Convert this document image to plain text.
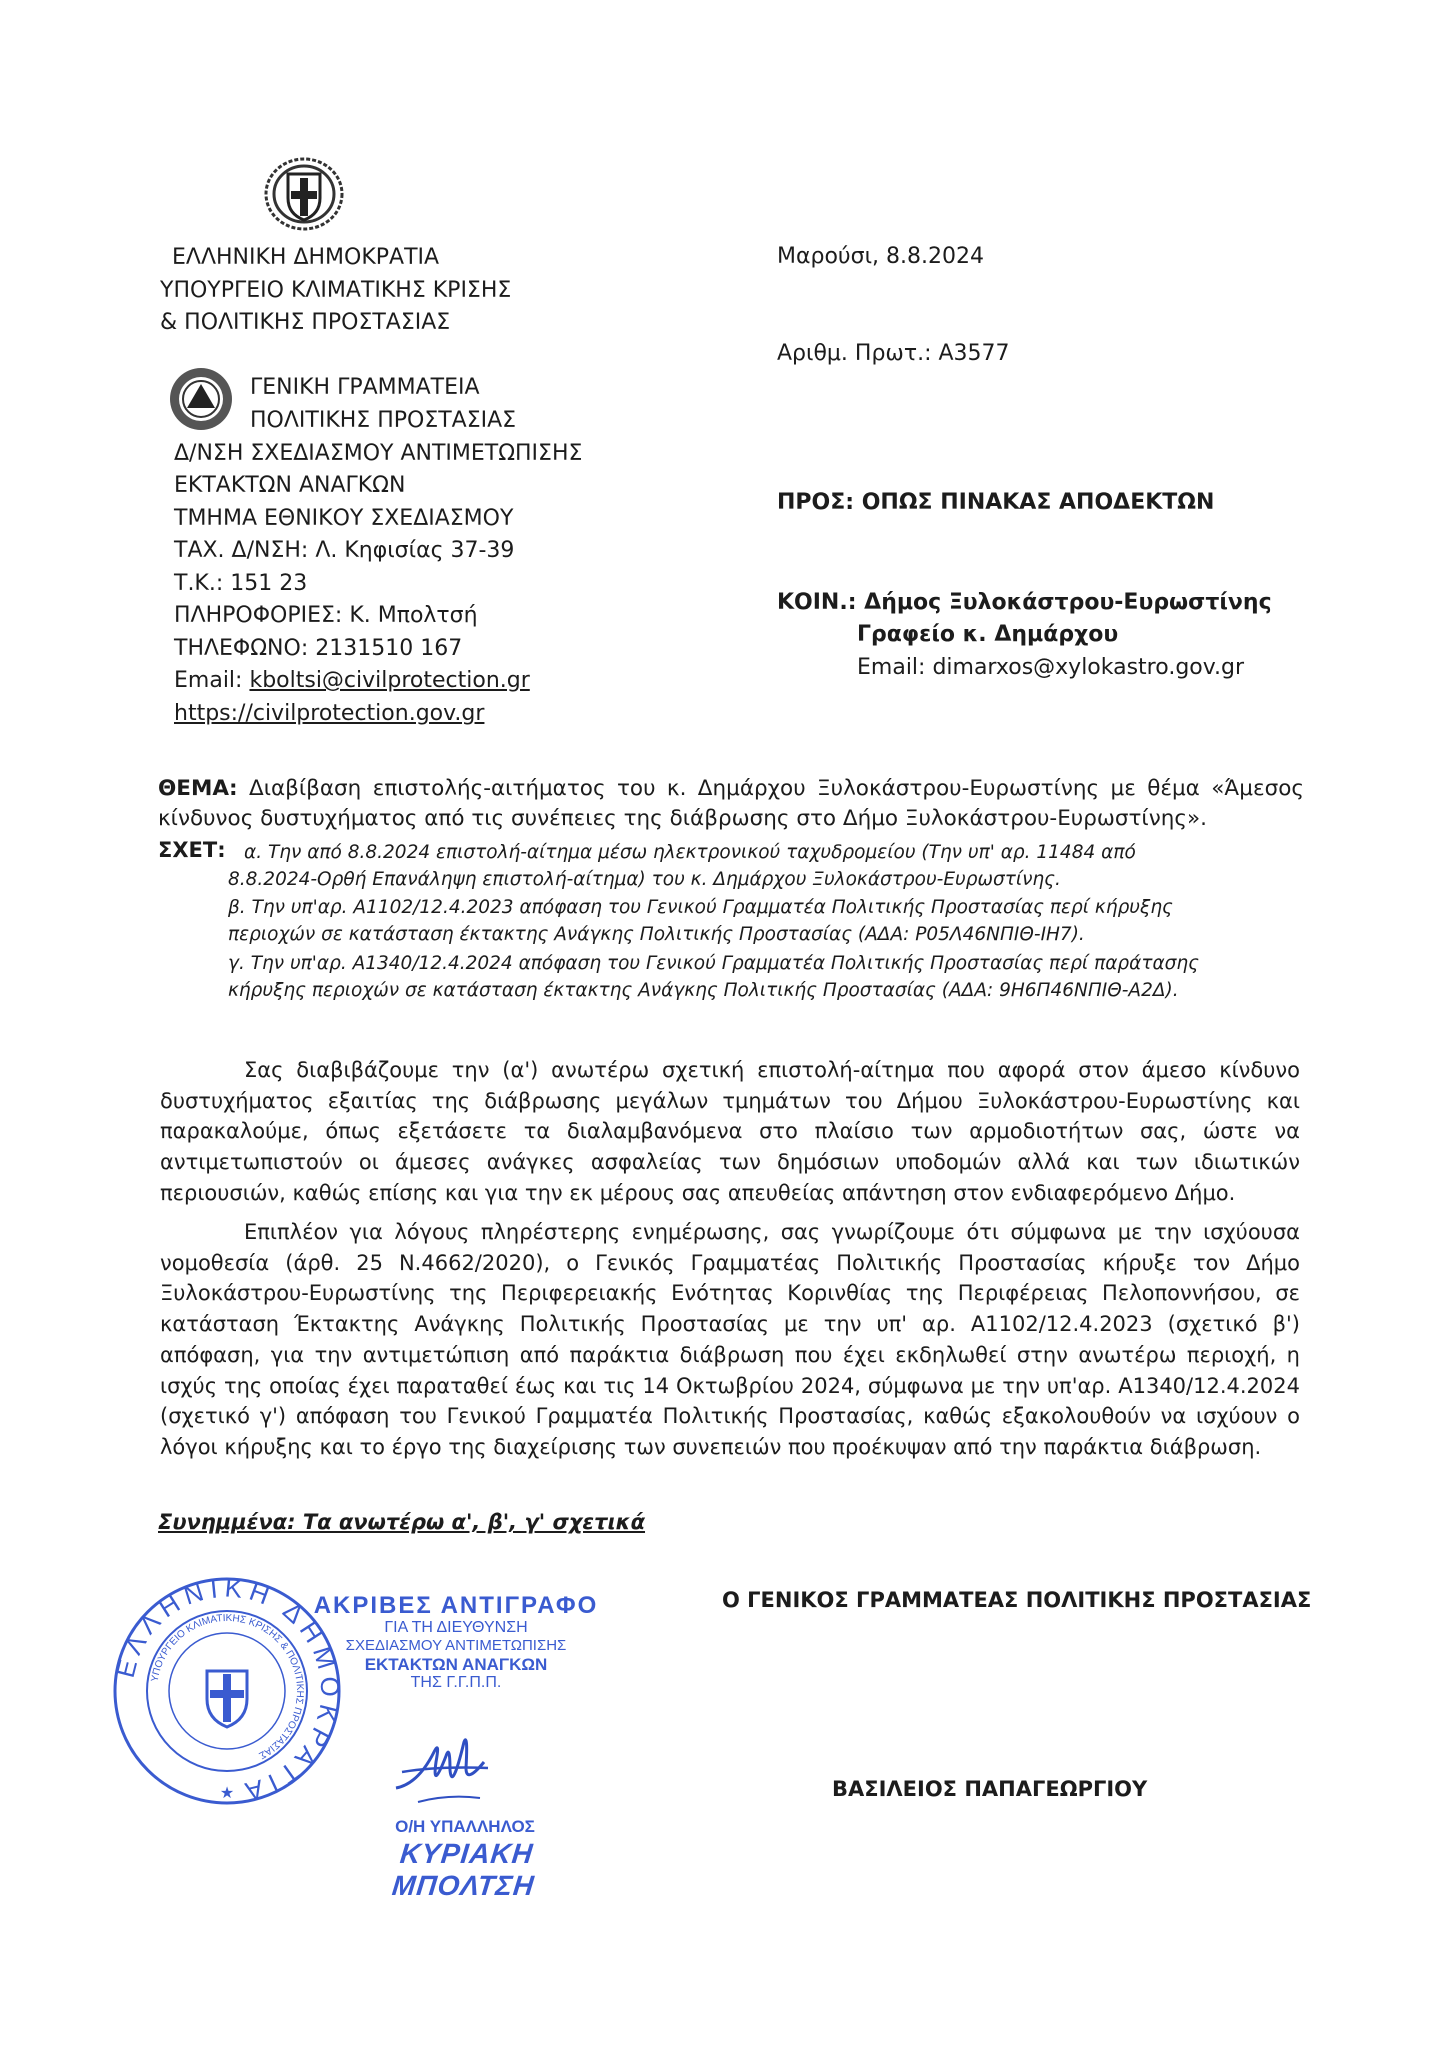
ΕΛΛΗΝΙΚΗ ΔΗΜΟΚΡΑΤΙΑ
ΥΠΟΥΡΓΕΙΟ ΚΛΙΜΑΤΙΚΗΣ ΚΡΙΣΗΣ
& ΠΟΛΙΤΙΚΗΣ ΠΡΟΣΤΑΣΙΑΣ
ΓΕΝΙΚΗ ΓΡΑΜΜΑΤΕΙΑ
ΠΟΛΙΤΙΚΗΣ ΠΡΟΣΤΑΣΙΑΣ
Δ/ΝΣΗ ΣΧΕΔΙΑΣΜΟΥ ΑΝΤΙΜΕΤΩΠΙΣΗΣ
ΕΚΤΑΚΤΩΝ ΑΝΑΓΚΩΝ
ΤΜΗΜΑ ΕΘΝΙΚΟΥ ΣΧΕΔΙΑΣΜΟΥ
ΤΑΧ. Δ/ΝΣΗ: Λ. Κηφισίας 37-39
Τ.Κ.: 151 23
ΠΛΗΡΟΦΟΡΙΕΣ: Κ. Μπολτσή
ΤΗΛΕΦΩΝΟ: 2131510 167
Email: kboltsi@civilprotection.gr
https://civilprotection.gov.gr
Μαρούσι, 8.8.2024
Αριθμ. Πρωτ.: Α3577
ΠΡΟΣ: ΟΠΩΣ ΠΙΝΑΚΑΣ ΑΠΟΔΕΚΤΩΝ
ΚΟΙΝ.: Δήμος Ξυλοκάστρου-Ευρωστίνης
Γραφείο κ. Δημάρχου
Email: dimarxos@xylokastro.gov.gr
ΘΕΜΑ: Διαβίβαση επιστολής-αιτήματος του κ. Δημάρχου Ξυλοκάστρου-Ευρωστίνης με θέμα «Άμεσος κίνδυνος δυστυχήματος από τις συνέπειες της διάβρωσης στο Δήμο Ξυλοκάστρου-Ευρωστίνης».
ΣΧΕΤ: α. Την από 8.8.2024 επιστολή-αίτημα μέσω ηλεκτρονικού ταχυδρομείου (Την υπ' αρ. 11484 από
8.8.2024-Ορθή Επανάληψη επιστολή-αίτημα) του κ. Δημάρχου Ξυλοκάστρου-Ευρωστίνης.
β. Την υπ'αρ. Α1102/12.4.2023 απόφαση του Γενικού Γραμματέα Πολιτικής Προστασίας περί κήρυξης
περιοχών σε κατάσταση έκτακτης Ανάγκης Πολιτικής Προστασίας (ΑΔΑ: Ρ05Λ46ΝΠΙΘ-ΙΗ7).
γ. Την υπ'αρ. Α1340/12.4.2024 απόφαση του Γενικού Γραμματέα Πολιτικής Προστασίας περί παράτασης
κήρυξης περιοχών σε κατάσταση έκτακτης Ανάγκης Πολιτικής Προστασίας (ΑΔΑ: 9Η6Π46ΝΠΙΘ-Α2Δ).
Σας διαβιβάζουμε την (α') ανωτέρω σχετική επιστολή-αίτημα που αφορά στον άμεσο κίνδυνο δυστυχήματος εξαιτίας της διάβρωσης μεγάλων τμημάτων του Δήμου Ξυλοκάστρου-Ευρωστίνης και παρακαλούμε, όπως εξετάσετε τα διαλαμβανόμενα στο πλαίσιο των αρμοδιοτήτων σας, ώστε να αντιμετωπιστούν οι άμεσες ανάγκες ασφαλείας των δημόσιων υποδομών αλλά και των ιδιωτικών περιουσιών, καθώς επίσης και για την εκ μέρους σας απευθείας απάντηση στον ενδιαφερόμενο Δήμο.
Επιπλέον για λόγους πληρέστερης ενημέρωσης, σας γνωρίζουμε ότι σύμφωνα με την ισχύουσα νομοθεσία (άρθ. 25 Ν.4662/2020), ο Γενικός Γραμματέας Πολιτικής Προστασίας κήρυξε τον Δήμο Ξυλοκάστρου-Ευρωστίνης της Περιφερειακής Ενότητας Κορινθίας της Περιφέρειας Πελοποννήσου, σε κατάσταση Έκτακτης Ανάγκης Πολιτικής Προστασίας με την υπ' αρ. Α1102/12.4.2023 (σχετικό β') απόφαση, για την αντιμετώπιση από παράκτια διάβρωση που έχει εκδηλωθεί στην ανωτέρω περιοχή, η ισχύς της οποίας έχει παραταθεί έως και τις 14 Οκτωβρίου 2024, σύμφωνα με την υπ'αρ. Α1340/12.4.2024 (σχετικό γ') απόφαση του Γενικού Γραμματέα Πολιτικής Προστασίας, καθώς εξακολουθούν να ισχύουν ο λόγοι κήρυξης και το έργο της διαχείρισης των συνεπειών που προέκυψαν από την παράκτια διάβρωση.
Συνημμένα: Τα ανωτέρω α', β', γ' σχετικά
ΕΛΛΗΝΙΚΗ ΔΗΜ ΚΡΑΤΙΑ
ΥΠΟΥΡΓΕΙΟ ΚΛΙΜΑΤΙΚΗΣ ΚΡΙΣΗΣ & ΠΟΛΙΤΙΚΗΣ ΠΡΟΣΤΑΣΙΑΣ
★
ΑΚΡΙΒΕΣ ΑΝΤΙΓΡΑΦΟ
ΓΙΑ ΤΗ ΔΙΕΥΘΥΝΣΗ
ΣΧΕΔΙΑΣΜΟΥ ΑΝΤΙΜΕΤΩΠΙΣΗΣ
ΕΚΤΑΚΤΩΝ ΑΝΑΓΚΩΝ
ΤΗΣ Γ.Γ.Π.Π.
Ο/Η ΥΠΑΛΛΗΛΟΣ
ΚΥΡΙΑΚΗ ΜΠΟΛΤΣΗ
Ο ΓΕΝΙΚΟΣ ΓΡΑΜΜΑΤΕΑΣ ΠΟΛΙΤΙΚΗΣ ΠΡΟΣΤΑΣΙΑΣ
ΒΑΣΙΛΕΙΟΣ ΠΑΠΑΓΕΩΡΓΙΟΥ
